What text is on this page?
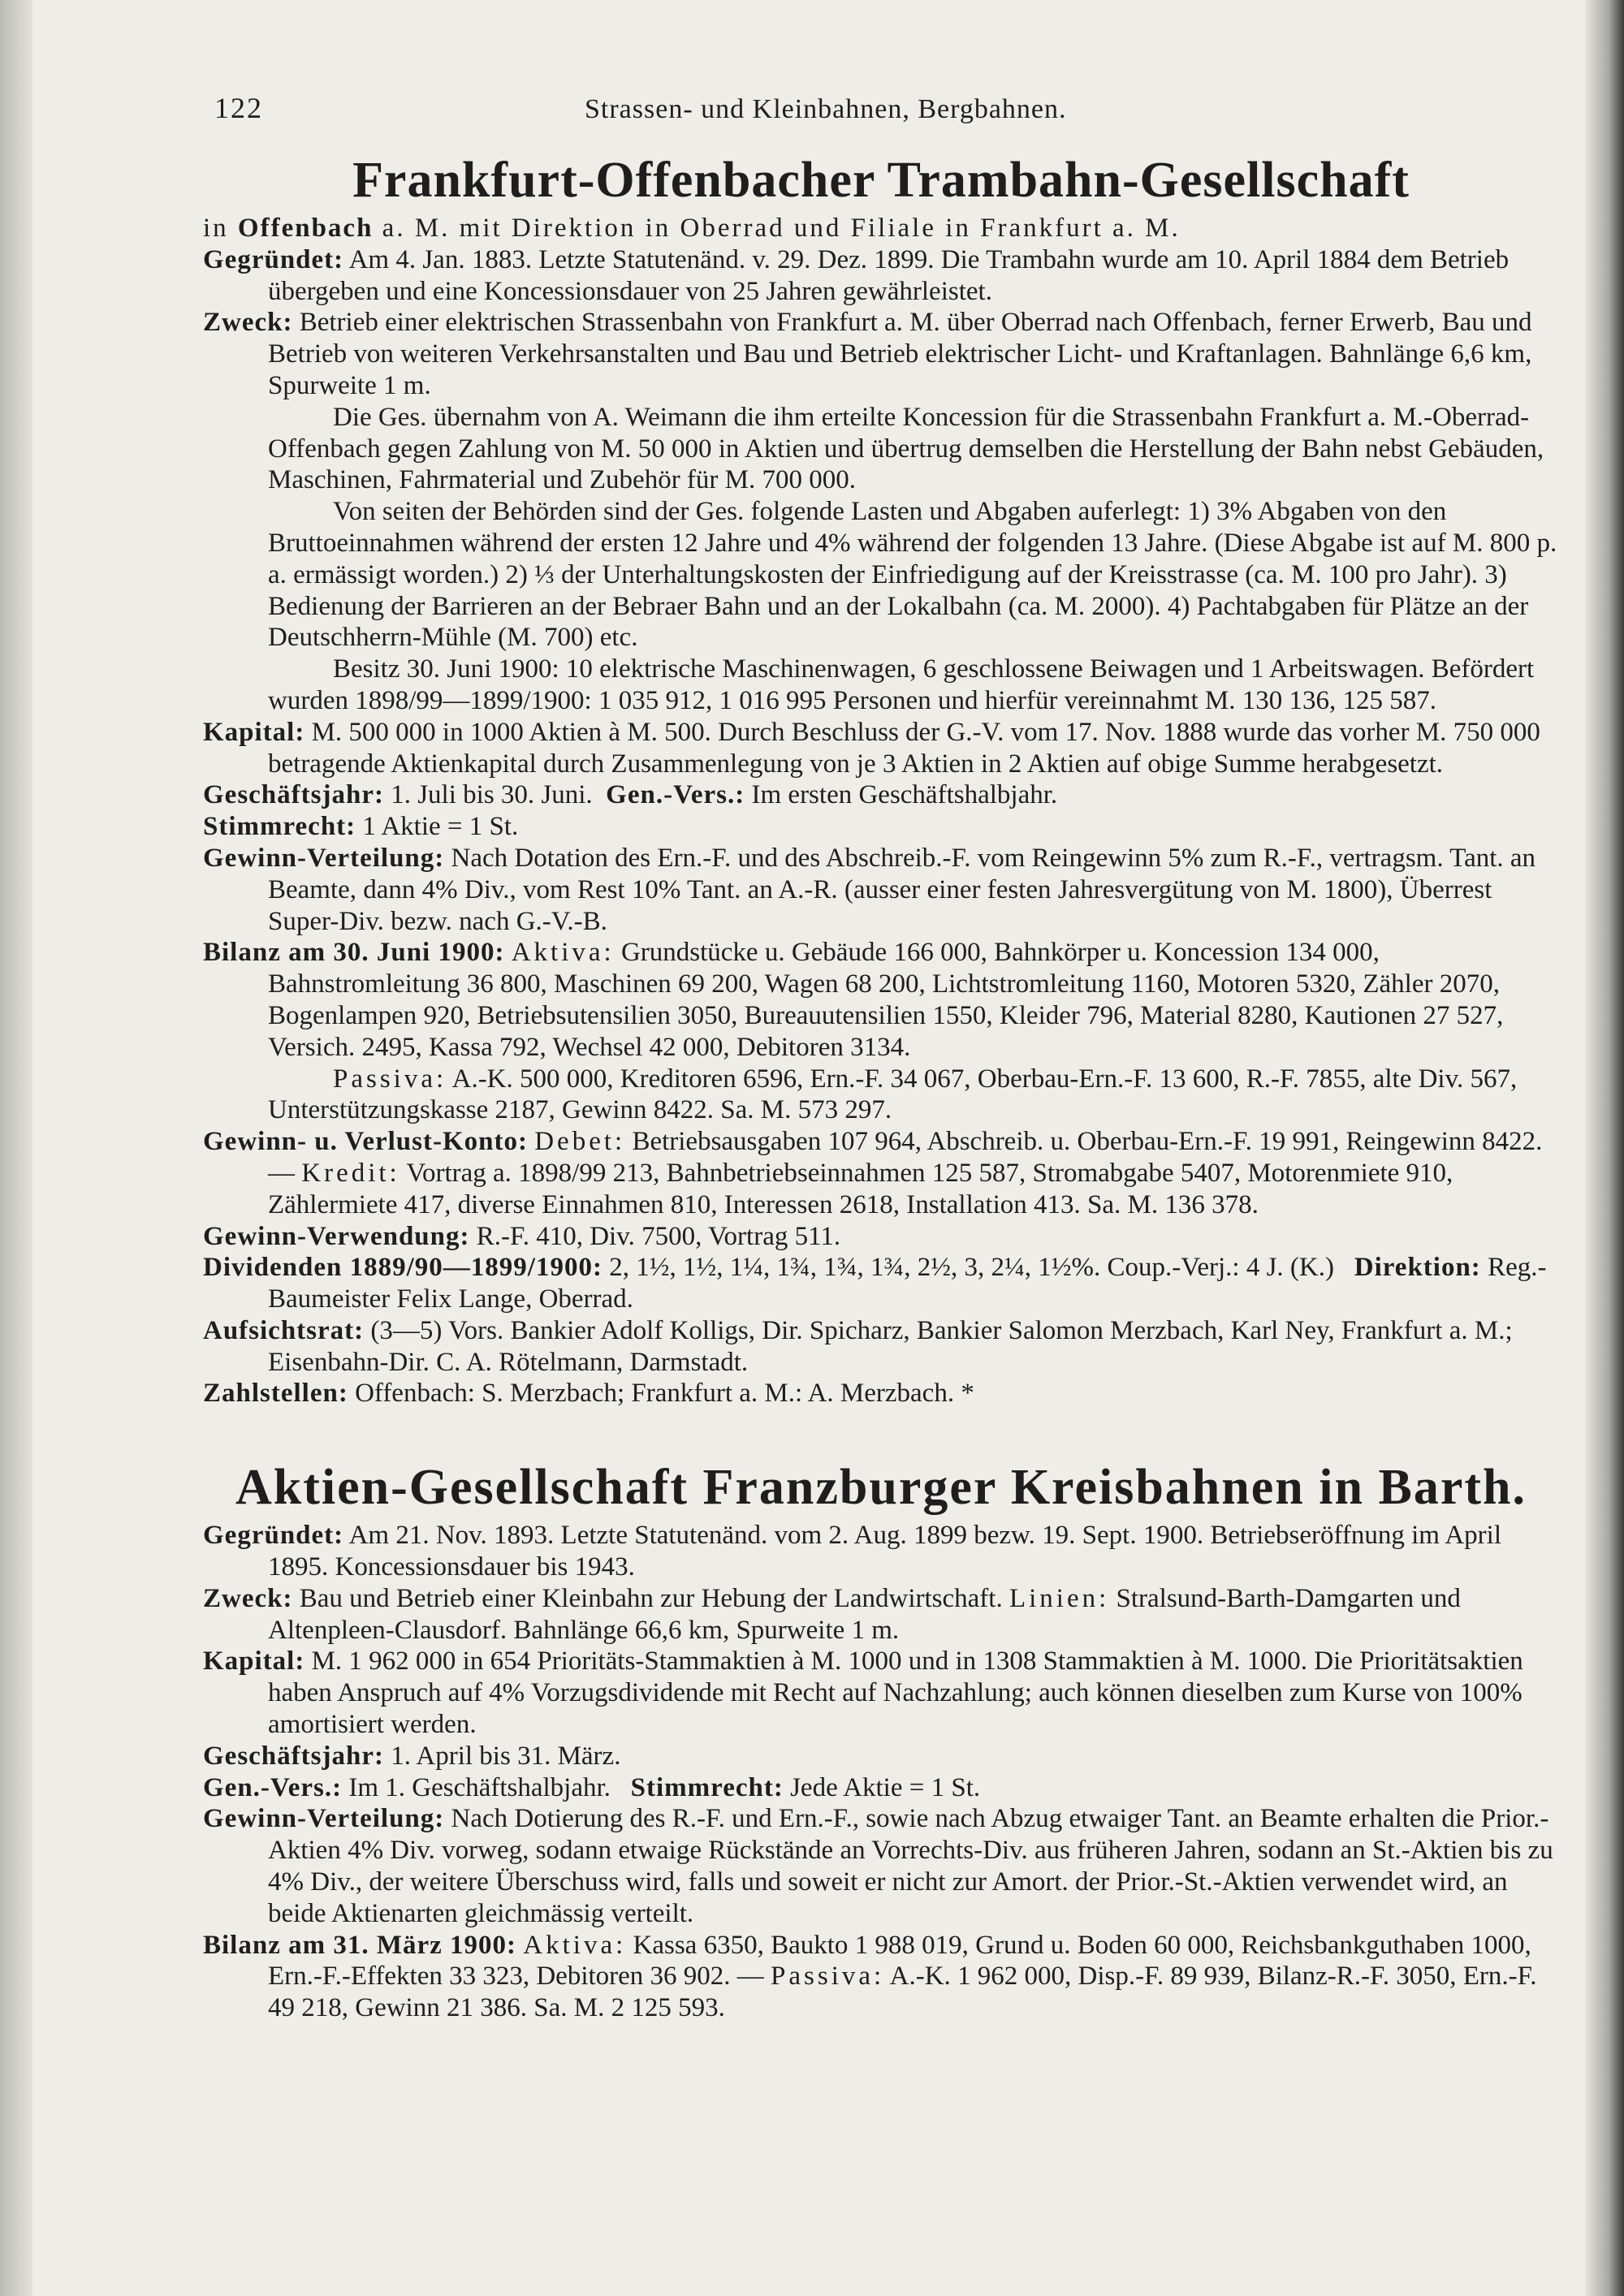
122	Strassen- und Kleinbahnen, Bergbahnen.
Frankfurt-Offenbacher Trambahn-Gesellschaft

in Offenbach a. M. mit Direktion in Oberrad und Filiale in Frankfurt a. M.

Gegründet: Am 4. Jan. 1883. Letzte Statutenänd. v. 29. Dez. 1899. Die Trambahn wurde am 10. April 1884 dem Betrieb übergeben und eine Koncessionsdauer von 25 Jahren gewährleistet.

Zweck: Betrieb einer elektrischen Strassenbahn von Frankfurt a. M. über Oberrad nach Offenbach, ferner Erwerb, Bau und Betrieb von weiteren Verkehrsanstalten und Bau und Betrieb elektrischer Licht- und Kraftanlagen. Bahnlänge 6,6 km, Spurweite 1 m.

Die Ges. übernahm von A. Weimann die ihm erteilte Koncession für die Strassenbahn Frankfurt a. M.-Oberrad-Offenbach gegen Zahlung von M. 50 000 in Aktien und übertrug demselben die Herstellung der Bahn nebst Gebäuden, Maschinen, Fahrmaterial und Zubehör für M. 700 000.

Von seiten der Behörden sind der Ges. folgende Lasten und Abgaben auferlegt: 1) 3% Abgaben von den Bruttoeinnahmen während der ersten 12 Jahre und 4% während der folgenden 13 Jahre. (Diese Abgabe ist auf M. 800 p. a. ermässigt worden.) 2) ⅓ der Unterhaltungskosten der Einfriedigung auf der Kreisstrasse (ca. M. 100 pro Jahr). 3) Bedienung der Barrieren an der Bebraer Bahn und an der Lokalbahn (ca. M. 2000). 4) Pachtabgaben für Plätze an der Deutschherrn-Mühle (M. 700) etc.

Besitz 30. Juni 1900: 10 elektrische Maschinenwagen, 6 geschlossene Beiwagen und 1 Arbeitswagen. Befördert wurden 1898/99—1899/1900: 1 035 912, 1 016 995 Personen und hierfür vereinnahmt M. 130 136, 125 587.

Kapital: M. 500 000 in 1000 Aktien à M. 500. Durch Beschluss der G.-V. vom 17. Nov. 1888 wurde das vorher M. 750 000 betragende Aktienkapital durch Zusammenlegung von je 3 Aktien in 2 Aktien auf obige Summe herabgesetzt.

Geschäftsjahr: 1. Juli bis 30. Juni. Gen.-Vers.: Im ersten Geschäftshalbjahr.

Stimmrecht: 1 Aktie = 1 St.

Gewinn-Verteilung: Nach Dotation des Ern.-F. und des Abschreib.-F. vom Reingewinn 5% zum R.-F., vertragsm. Tant. an Beamte, dann 4% Div., vom Rest 10% Tant. an A.-R. (ausser einer festen Jahresvergütung von M. 1800), Überrest Super-Div. bezw. nach G.-V.-B.

Bilanz am 30. Juni 1900: Aktiva: Grundstücke u. Gebäude 166 000, Bahnkörper u. Koncession 134 000, Bahnstromleitung 36 800, Maschinen 69 200, Wagen 68 200, Lichtstromleitung 1160, Motoren 5320, Zähler 2070, Bogenlampen 920, Betriebsutensilien 3050, Bureauutensilien 1550, Kleider 796, Material 8280, Kautionen 27 527, Versich. 2495, Kassa 792, Wechsel 42 000, Debitoren 3134.

Passiva: A.-K. 500 000, Kreditoren 6596, Ern.-F. 34 067, Oberbau-Ern.-F. 13 600, R.-F. 7855, alte Div. 567, Unterstützungskasse 2187, Gewinn 8422. Sa. M. 573 297.

Gewinn- u. Verlust-Konto: Debet: Betriebsausgaben 107 964, Abschreib. u. Oberbau-Ern.-F. 19 991, Reingewinn 8422. — Kredit: Vortrag a. 1898/99 213, Bahnbetriebseinnahmen 125 587, Stromabgabe 5407, Motorenmiete 910, Zählermiete 417, diverse Einnahmen 810, Interessen 2618, Installation 413. Sa. M. 136 378.

Gewinn-Verwendung: R.-F. 410, Div. 7500, Vortrag 511.

Dividenden 1889/90—1899/1900: 2, 1½, 1½, 1¼, 1¾, 1¾, 1¾, 2½, 3, 2¼, 1½%. Coup.-Verj.: 4 J. (K.) Direktion: Reg.-Baumeister Felix Lange, Oberrad.

Aufsichtsrat: (3—5) Vors. Bankier Adolf Kolligs, Dir. Spicharz, Bankier Salomon Merzbach, Karl Ney, Frankfurt a. M.; Eisenbahn-Dir. C. A. Rötelmann, Darmstadt.

Zahlstellen: Offenbach: S. Merzbach; Frankfurt a. M.: A. Merzbach. *

Aktien-Gesellschaft Franzburger Kreisbahnen in Barth.

Gegründet: Am 21. Nov. 1893. Letzte Statutenänd. vom 2. Aug. 1899 bezw. 19. Sept. 1900. Betriebseröffnung im April 1895. Koncessionsdauer bis 1943.

Zweck: Bau und Betrieb einer Kleinbahn zur Hebung der Landwirtschaft. Linien: Stralsund-Barth-Damgarten und Altenpleen-Clausdorf. Bahnlänge 66,6 km, Spurweite 1 m.

Kapital: M. 1 962 000 in 654 Prioritäts-Stammaktien à M. 1000 und in 1308 Stammaktien à M. 1000. Die Prioritätsaktien haben Anspruch auf 4% Vorzugsdividende mit Recht auf Nachzahlung; auch können dieselben zum Kurse von 100% amortisiert werden.

Geschäftsjahr: 1. April bis 31. März.

Gen.-Vers.: Im 1. Geschäftshalbjahr. Stimmrecht: Jede Aktie = 1 St.

Gewinn-Verteilung: Nach Dotierung des R.-F. und Ern.-F., sowie nach Abzug etwaiger Tant. an Beamte erhalten die Prior.-Aktien 4% Div. vorweg, sodann etwaige Rückstände an Vorrechts-Div. aus früheren Jahren, sodann an St.-Aktien bis zu 4% Div., der weitere Überschuss wird, falls und soweit er nicht zur Amort. der Prior.-St.-Aktien verwendet wird, an beide Aktienarten gleichmässig verteilt.

Bilanz am 31. März 1900: Aktiva: Kassa 6350, Baukto 1 988 019, Grund u. Boden 60 000, Reichsbankguthaben 1000, Ern.-F.-Effekten 33 323, Debitoren 36 902. — Passiva: A.-K. 1 962 000, Disp.-F. 89 939, Bilanz-R.-F. 3050, Ern.-F. 49 218, Gewinn 21 386. Sa. M. 2 125 593.
